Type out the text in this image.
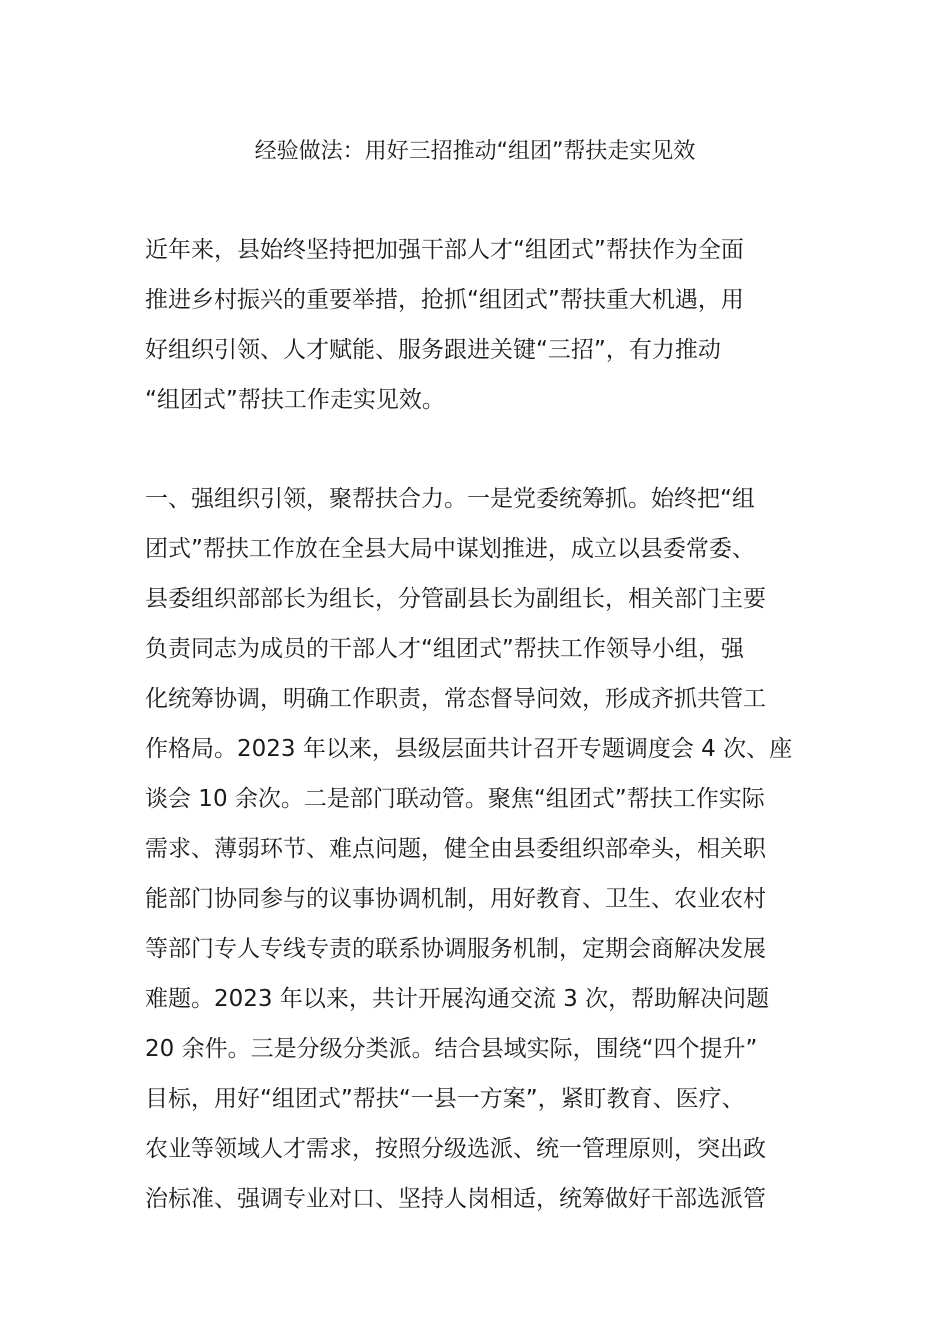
经验做法：用好三招推动“组团”帮扶走实见效
近年来，县始终坚持把加强干部人才“组团式”帮扶作为全面
推进乡村振兴的重要举措，抢抓“组团式”帮扶重大机遇，用
好组织引领、人才赋能、服务跟进关键“三招”，有力推动
“组团式”帮扶工作走实见效。
一、强组织引领，聚帮扶合力。一是党委统筹抓。始终把“组
团式”帮扶工作放在全县大局中谋划推进，成立以县委常委、
县委组织部部长为组长，分管副县长为副组长，相关部门主要
负责同志为成员的干部人才“组团式”帮扶工作领导小组，强
化统筹协调，明确工作职责，常态督导问效，形成齐抓共管工
作格局。2023 年以来，县级层面共计召开专题调度会 4 次、座
谈会 10 余次。二是部门联动管。聚焦“组团式”帮扶工作实际
需求、薄弱环节、难点问题，健全由县委组织部牵头，相关职
能部门协同参与的议事协调机制，用好教育、卫生、农业农村
等部门专人专线专责的联系协调服务机制，定期会商解决发展
难题。2023 年以来，共计开展沟通交流 3 次，帮助解决问题
20 余件。三是分级分类派。结合县域实际，围绕“四个提升”
目标，用好“组团式”帮扶“一县一方案”，紧盯教育、医疗、
农业等领域人才需求，按照分级选派、统一管理原则，突出政
治标准、强调专业对口、坚持人岗相适，统筹做好干部选派管
